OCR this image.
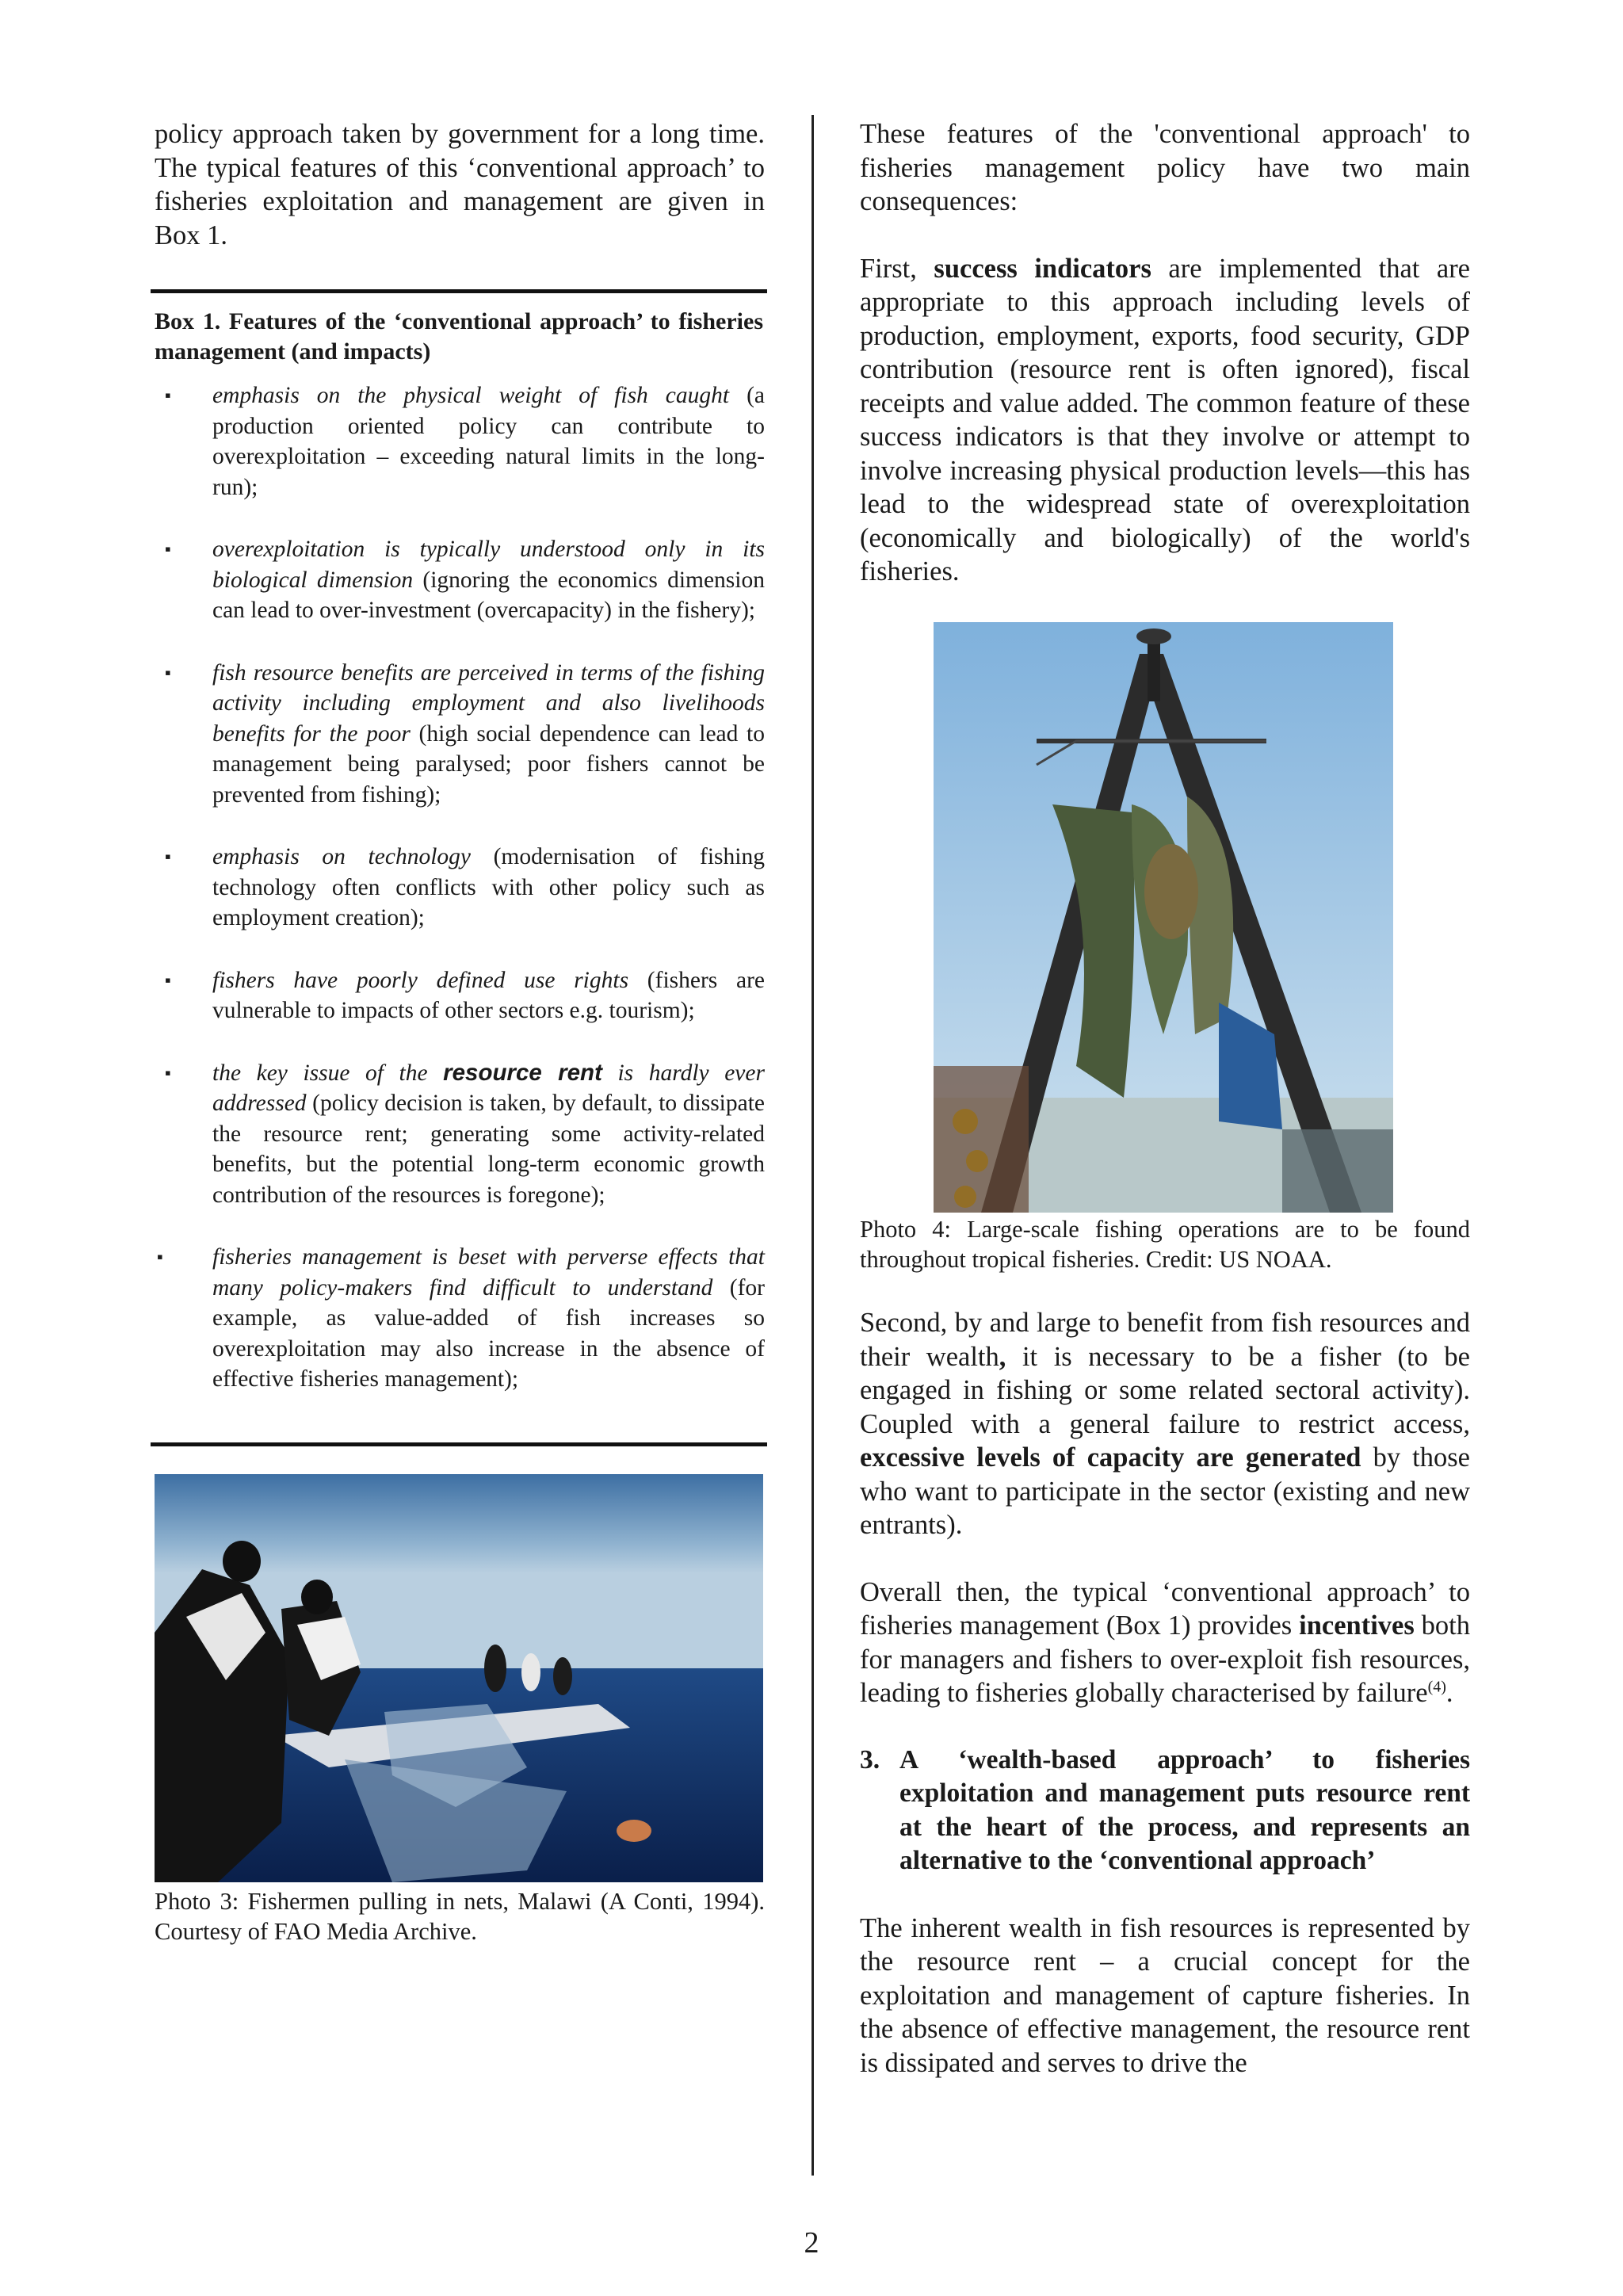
policy approach taken by government for a long time. The typical features of this ‘conventional approach’ to fisheries exploitation and management are given in Box 1.

Box 1. Features of the ‘conventional approach’ to fisheries management (and impacts)
▪ emphasis on the physical weight of fish caught (a production oriented policy can contribute to overexploitation – exceeding natural limits in the long-run);
▪ overexploitation is typically understood only in its biological dimension (ignoring the economics dimension can lead to over-investment (overcapacity) in the fishery);
▪ fish resource benefits are perceived in terms of the fishing activity including employment and also livelihoods benefits for the poor (high social dependence can lead to management being paralysed; poor fishers cannot be prevented from fishing);
▪ emphasis on technology (modernisation of fishing technology often conflicts with other policy such as employment creation);
▪ fishers have poorly defined use rights (fishers are vulnerable to impacts of other sectors e.g. tourism);
▪ the key issue of the resource rent is hardly ever addressed (policy decision is taken, by default, to dissipate the resource rent; generating some activity-related benefits, but the potential long-term economic growth contribution of the resources is foregone);
▪ fisheries management is beset with perverse effects that many policy-makers find difficult to understand (for example, as value-added of fish increases so overexploitation may also increase in the absence of effective fisheries management);
Photo 3: Fishermen pulling in nets, Malawi (A Conti, 1994). Courtesy of FAO Media Archive.

These features of the 'conventional approach' to fisheries management policy have two main consequences:

First, success indicators are implemented that are appropriate to this approach including levels of production, employment, exports, food security, GDP contribution (resource rent is often ignored), fiscal receipts and value added. The common feature of these success indicators is that they involve or attempt to involve increasing physical production levels—this has lead to the widespread state of overexploitation (economically and biologically) of the world's fisheries.

Photo 4: Large-scale fishing operations are to be found throughout tropical fisheries. Credit: US NOAA.

Second, by and large to benefit from fish resources and their wealth, it is necessary to be a fisher (to be engaged in fishing or some related sectoral activity). Coupled with a general failure to restrict access, excessive levels of capacity are generated by those who want to participate in the sector (existing and new entrants).

Overall then, the typical ‘conventional approach’ to fisheries management (Box 1) provides incentives both for managers and fishers to over-exploit fish resources, leading to fisheries globally characterised by failure$^{(4)}$.

3. A ‘wealth-based approach’ to fisheries exploitation and management puts resource rent at the heart of the process, and represents an alternative to the ‘conventional approach’

The inherent wealth in fish resources is represented by the resource rent – a crucial concept for the exploitation and management of capture fisheries. In the absence of effective management, the resource rent is dissipated and serves to drive the

2
